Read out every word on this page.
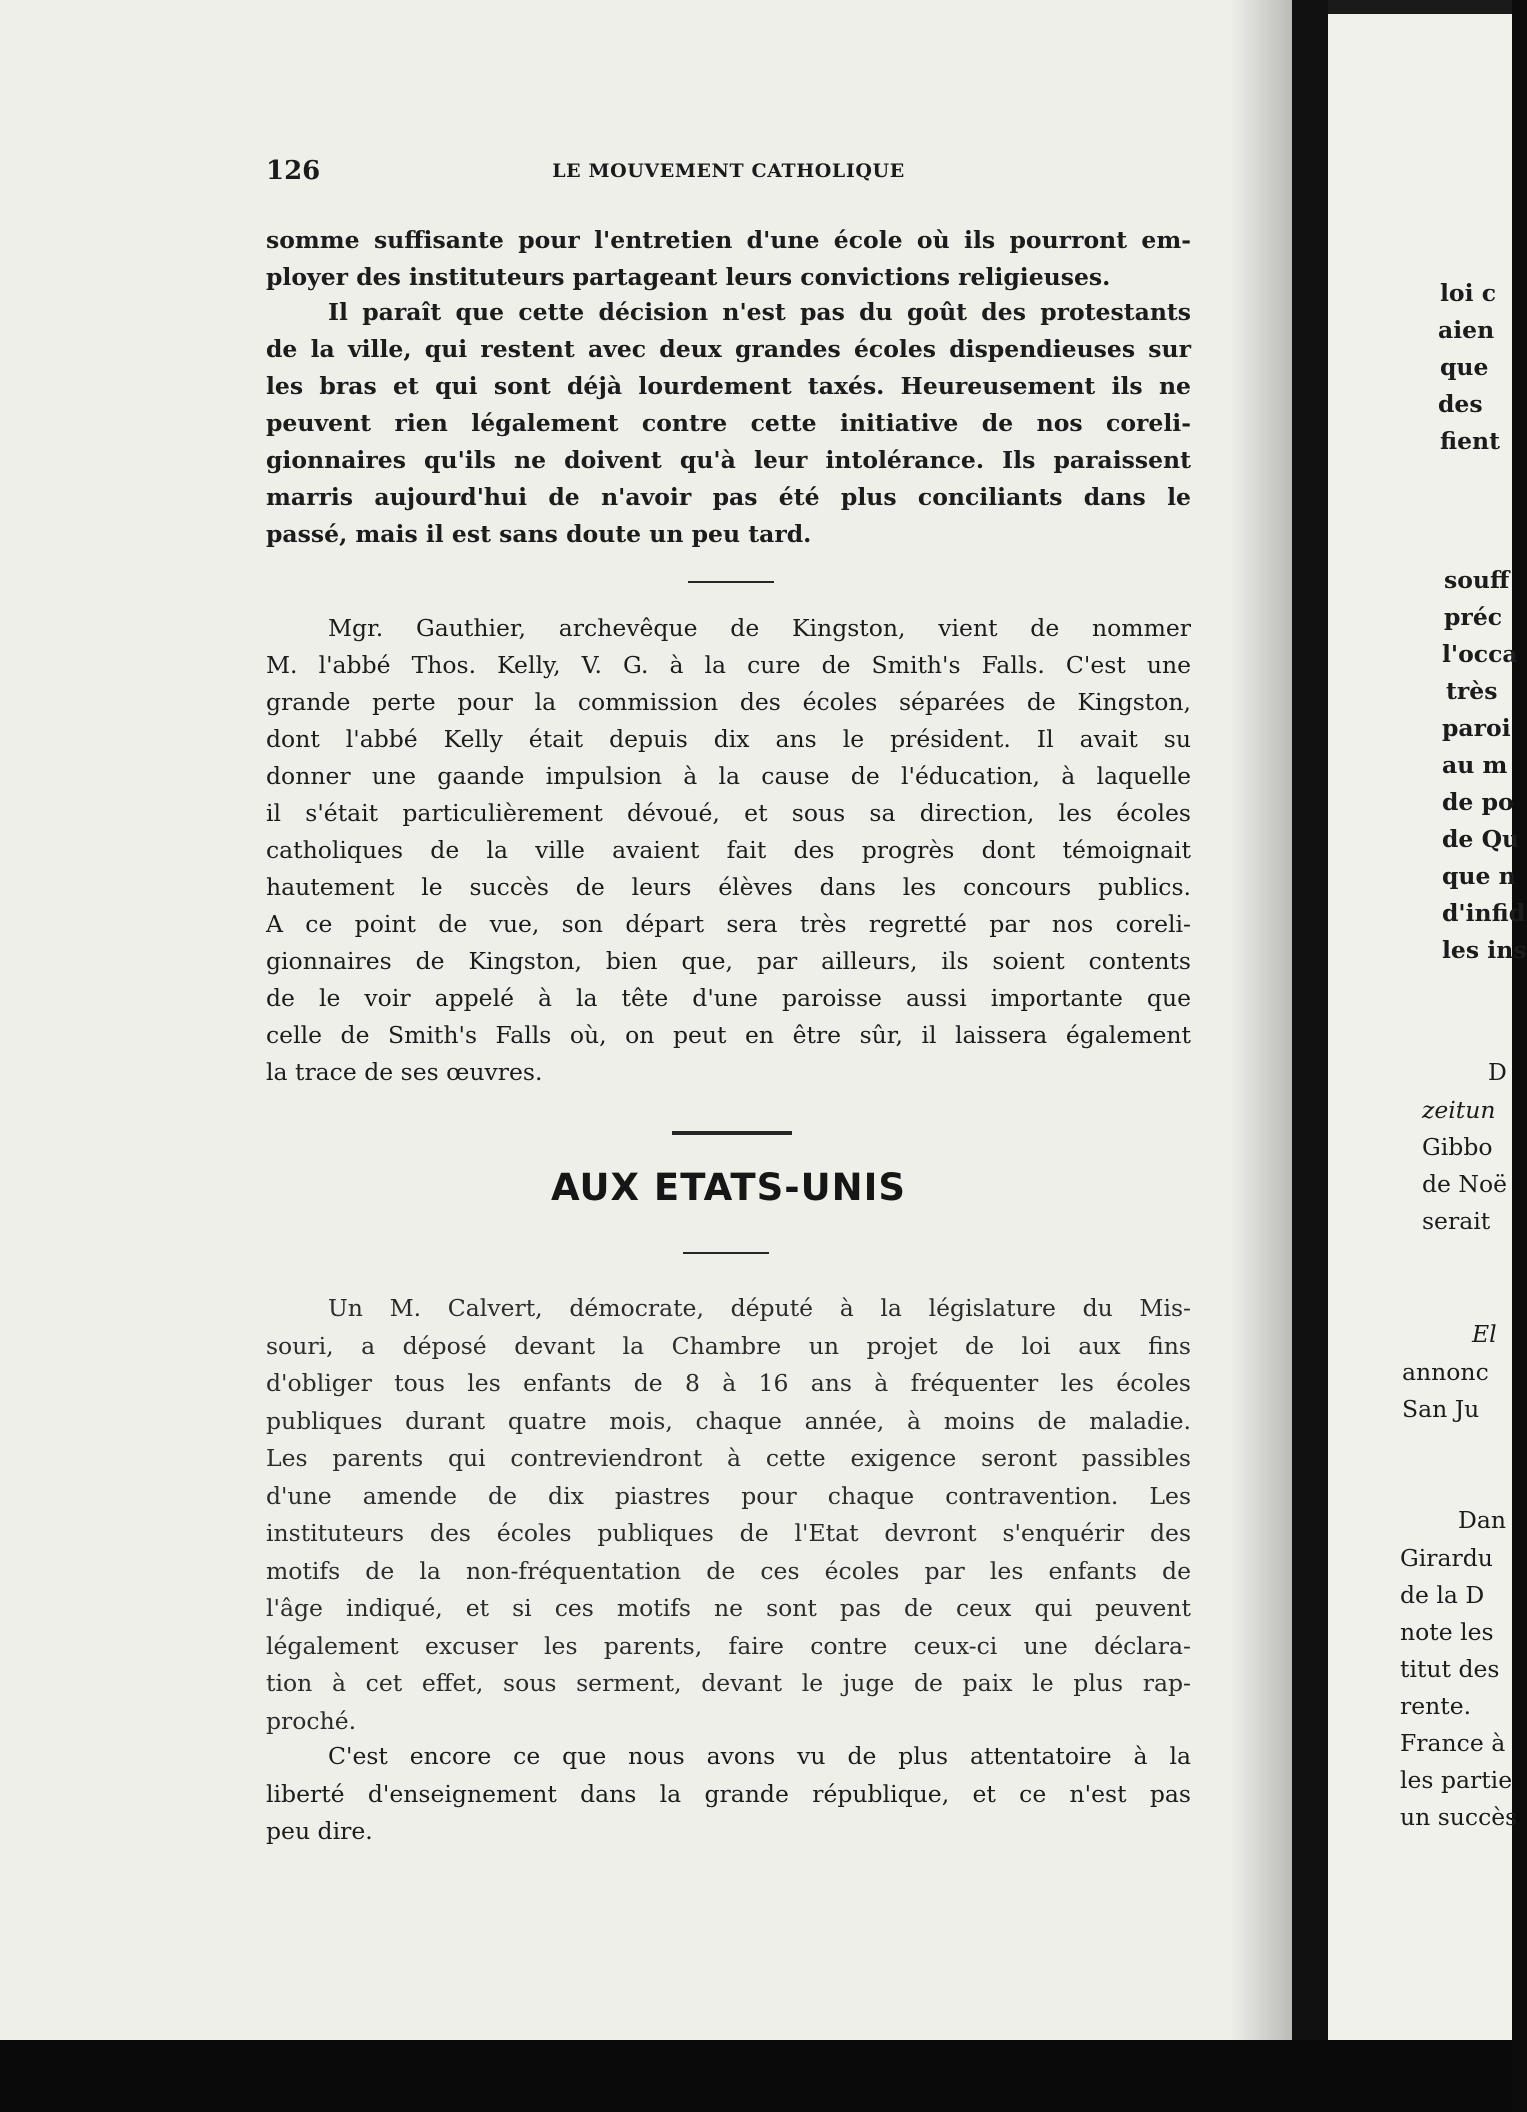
126	LE MOUVEMENT CATHOLIQUE
somme suffisante pour l'entretien d'une école où ils pourront em-
ployer des instituteurs partageant leurs convictions religieuses.
Il paraît que cette décision n'est pas du goût des protestants
de la ville, qui restent avec deux grandes écoles dispendieuses sur
les bras et qui sont déjà lourdement taxés. Heureusement ils ne
peuvent rien légalement contre cette initiative de nos coreli-
gionnaires qu'ils ne doivent qu'à leur intolérance. Ils paraissent
marris aujourd'hui de n'avoir pas été plus conciliants dans le
passé, mais il est sans doute un peu tard.
Mgr. Gauthier, archevêque de Kingston, vient de nommer
M. l'abbé Thos. Kelly, V. G. à la cure de Smith's Falls. C'est une
grande perte pour la commission des écoles séparées de Kingston,
dont l'abbé Kelly était depuis dix ans le président. Il avait su
donner une gaande impulsion à la cause de l'éducation, à laquelle
il s'était particulièrement dévoué, et sous sa direction, les écoles
catholiques de la ville avaient fait des progrès dont témoignait
hautement le succès de leurs élèves dans les concours publics.
A ce point de vue, son départ sera très regretté par nos coreli-
gionnaires de Kingston, bien que, par ailleurs, ils soient contents
de le voir appelé à la tête d'une paroisse aussi importante que
celle de Smith's Falls où, on peut en être sûr, il laissera également
la trace de ses œuvres.
AUX ETATS-UNIS
Un M. Calvert, démocrate, député à la législature du Mis-
souri, a déposé devant la Chambre un projet de loi aux fins
d'obliger tous les enfants de 8 à 16 ans à fréquenter les écoles
publiques durant quatre mois, chaque année, à moins de maladie.
Les parents qui contreviendront à cette exigence seront passibles
d'une amende de dix piastres pour chaque contravention. Les
instituteurs des écoles publiques de l'Etat devront s'enquérir des
motifs de la non-fréquentation de ces écoles par les enfants de
l'âge indiqué, et si ces motifs ne sont pas de ceux qui peuvent
légalement excuser les parents, faire contre ceux-ci une déclara-
tion à cet effet, sous serment, devant le juge de paix le plus rap-
proché.
C'est encore ce que nous avons vu de plus attentatoire à la
liberté d'enseignement dans la grande république, et ce n'est pas
peu dire.
loi c
aien
que
des
fient
souff
préc
l'occa
très
paroi
au m
de po
de Qu
que n
d'infid
les ins
D
zeitun
Gibbo
de Noë
serait
El
annonc
San Ju
Dan
Girardu
de la D
note les
titut des
rente.
France à
les partie
un succès
